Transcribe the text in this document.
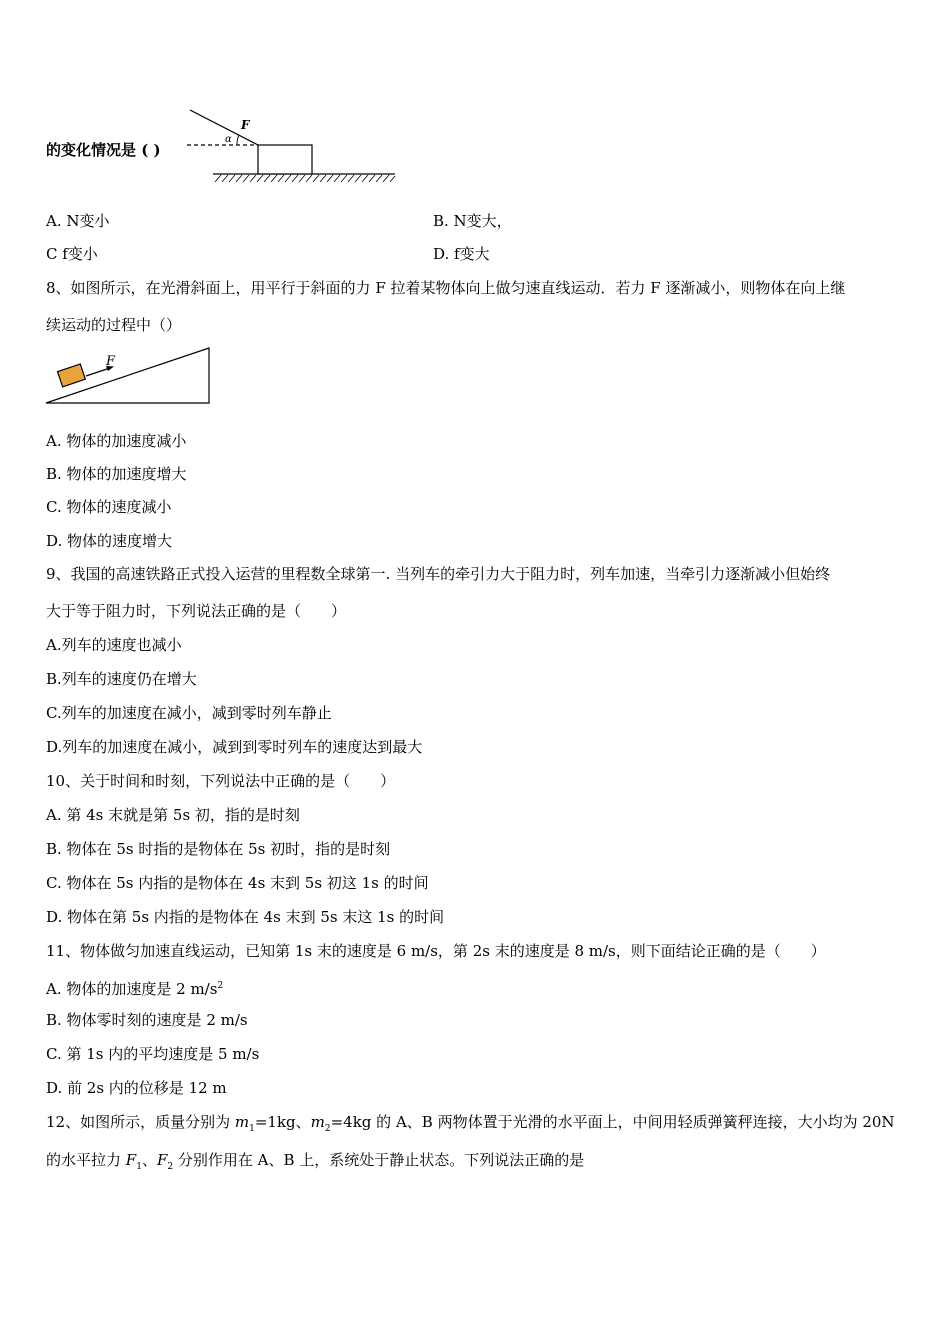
的变化情况是 ( )
F
α
A. N变小	B. N变大，
C f变小	D. f变大
8、如图所示，在光滑斜面上，用平行于斜面的力 F 拉着某物体向上做匀速直线运动．若力 F 逐渐减小，则物体在向上继
续运动的过程中（）
F
A. 物体的加速度减小
B. 物体的加速度增大
C. 物体的速度减小
D. 物体的速度增大
9、我国的高速铁路正式投入运营的里程数全球第一. 当列车的牵引力大于阻力时，列车加速，当牵引力逐渐减小但始终
大于等于阻力时，下列说法正确的是（　　）
A.列车的速度也减小
B.列车的速度仍在增大
C.列车的加速度在减小，减到零时列车静止
D.列车的加速度在减小，减到到零时列车的速度达到最大
10、关于时间和时刻，下列说法中正确的是（　　）
A. 第 4s 末就是第 5s 初，指的是时刻
B. 物体在 5s 时指的是物体在 5s 初时，指的是时刻
C. 物体在 5s 内指的是物体在 4s 末到 5s 初这 1s 的时间
D. 物体在第 5s 内指的是物体在 4s 末到 5s 末这 1s 的时间
11、物体做匀加速直线运动，已知第 1s 末的速度是 6 m/s，第 2s 末的速度是 8 m/s，则下面结论正确的是（　　）
A. 物体的加速度是 2 $m/s^2$
B. 物体零时刻的速度是 2 m/s
C. 第 1s 内的平均速度是 5 m/s
D. 前 2s 内的位移是 12 m
12、如图所示，质量分别为 $m_1=1kg$、$m_2=4kg$ 的 A、B 两物体置于光滑的水平面上，中间用轻质弹簧秤连接，大小均为 20N
的水平拉力 $F_1$、$F_2$ 分别作用在 A、B 上，系统处于静止状态。下列说法正确的是
